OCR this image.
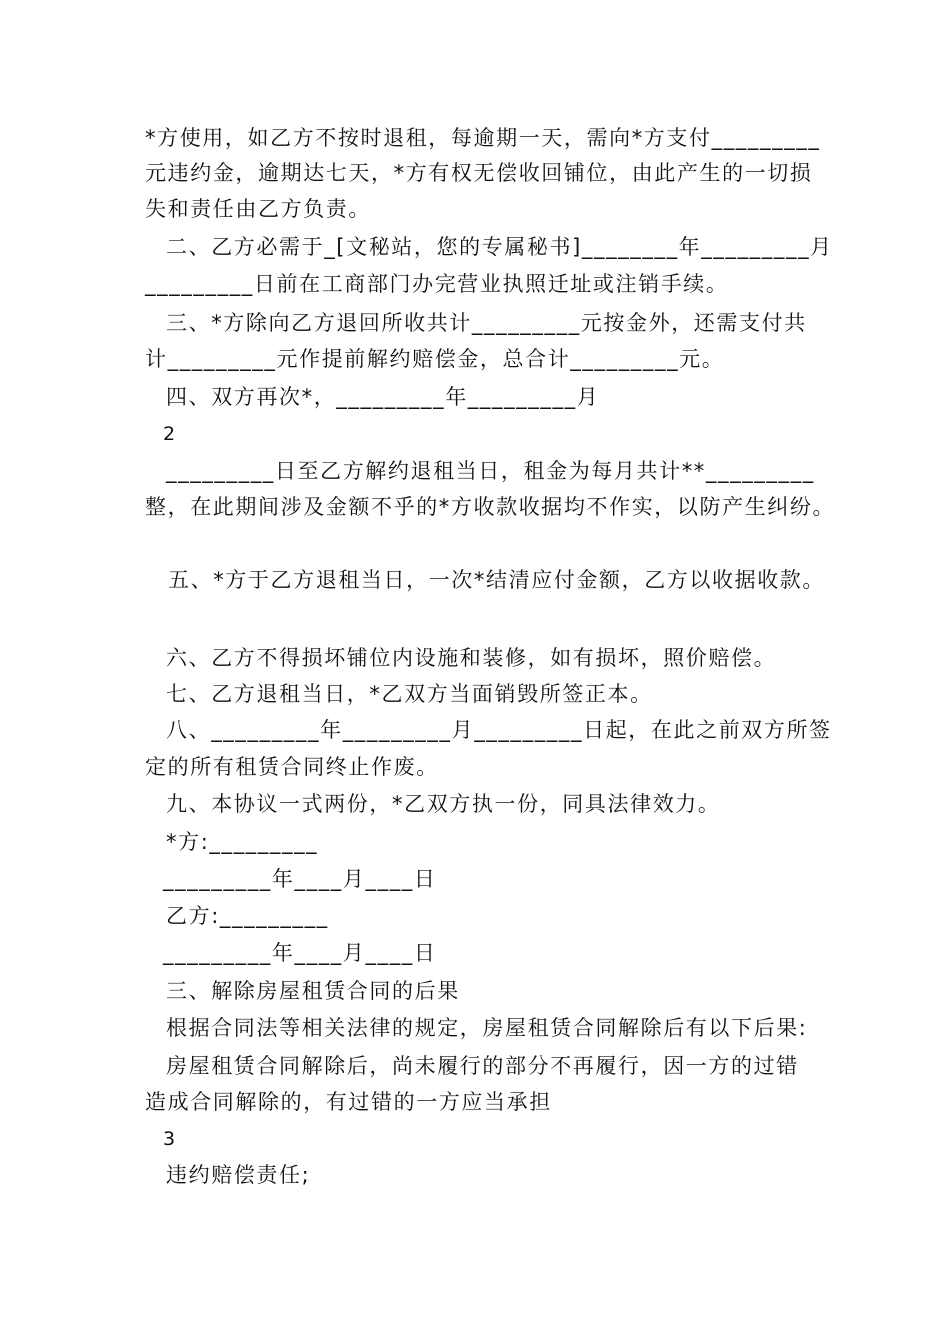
*方使用，如乙方不按时退租，每逾期一天，需向*方支付_________
元违约金，逾期达七天，*方有权无偿收回铺位，由此产生的一切损
失和责任由乙方负责。
二、乙方必需于_[文秘站，您的专属秘书]________年_________月
_________日前在工商部门办完营业执照迁址或注销手续。
三、*方除向乙方退回所收共计_________元按金外，还需支付共
计_________元作提前解约赔偿金，总合计_________元。
四、双方再次*，_________年_________月
2
_________日至乙方解约退租当日，租金为每月共计**_________
整，在此期间涉及金额不乎的*方收款收据均不作实，以防产生纠纷。
五、*方于乙方退租当日，一次*结清应付金额，乙方以收据收款。
六、乙方不得损坏铺位内设施和装修，如有损坏，照价赔偿。
七、乙方退租当日，*乙双方当面销毁所签正本。
八、_________年_________月_________日起，在此之前双方所签
定的所有租赁合同终止作废。
九、本协议一式两份，*乙双方执一份，同具法律效力。
*方:_________
_________年____月____日
乙方:_________
_________年____月____日
三、解除房屋租赁合同的后果
根据合同法等相关法律的规定，房屋租赁合同解除后有以下后果:
房屋租赁合同解除后，尚未履行的部分不再履行，因一方的过错
造成合同解除的，有过错的一方应当承担
3
违约赔偿责任;
